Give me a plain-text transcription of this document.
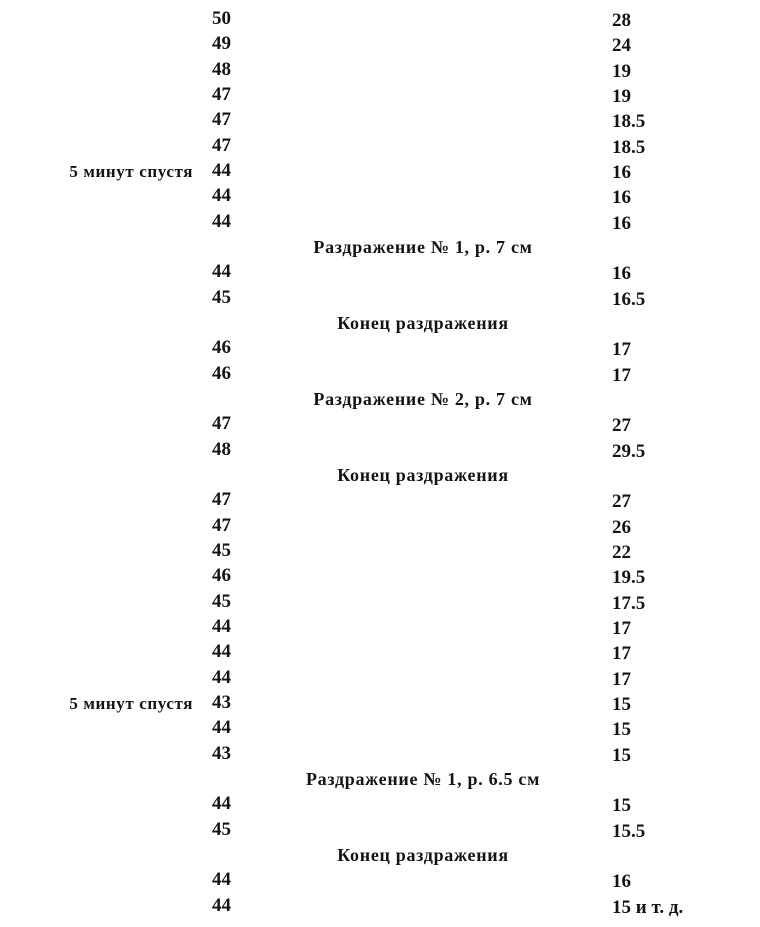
50	28
49	24
48	19
47	19
47	18.5
47	18.5
5 минут спустя 44	16
44	16
44	16
Раздражение № 1, р. 7 см
44	16
45	16.5
Конец раздражения
46	17
46	17
Раздражение № 2, р. 7 см
47	27
48	29.5
Конец раздражения
47	27
47	26
45	22
46	19.5
45	17.5
44	17
44	17
44	17
5 минут спустя 43	15
44	15
43	15
Раздражение № 1, р. 6.5 см
44	15
45	15.5
Конец раздражения
44	16
44	15 и т. д.
